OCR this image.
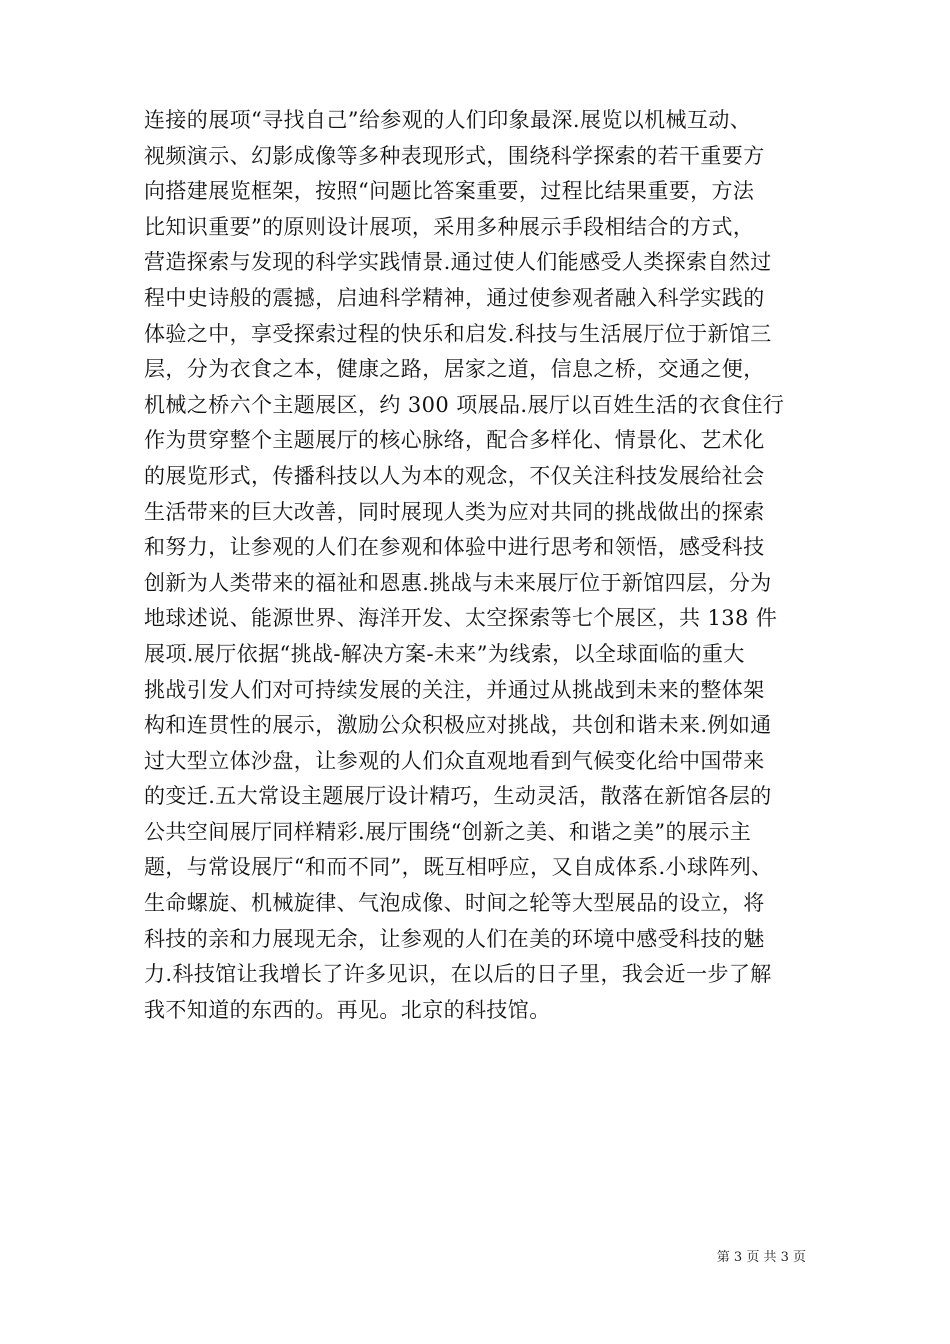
连接的展项“寻找自己”给参观的人们印象最深.展览以机械互动、
视频演示、幻影成像等多种表现形式，围绕科学探索的若干重要方
向搭建展览框架，按照“问题比答案重要，过程比结果重要，方法
比知识重要”的原则设计展项，采用多种展示手段相结合的方式，
营造探索与发现的科学实践情景.通过使人们能感受人类探索自然过
程中史诗般的震撼，启迪科学精神，通过使参观者融入科学实践的
体验之中，享受探索过程的快乐和启发.科技与生活展厅位于新馆三
层，分为衣食之本，健康之路，居家之道，信息之桥，交通之便，
机械之桥六个主题展区，约 300 项展品.展厅以百姓生活的衣食住行
作为贯穿整个主题展厅的核心脉络，配合多样化、情景化、艺术化
的展览形式，传播科技以人为本的观念，不仅关注科技发展给社会
生活带来的巨大改善，同时展现人类为应对共同的挑战做出的探索
和努力，让参观的人们在参观和体验中进行思考和领悟，感受科技
创新为人类带来的福祉和恩惠.挑战与未来展厅位于新馆四层，分为
地球述说、能源世界、海洋开发、太空探索等七个展区，共 138 件
展项.展厅依据“挑战-解决方案-未来”为线索，以全球面临的重大
挑战引发人们对可持续发展的关注，并通过从挑战到未来的整体架
构和连贯性的展示，激励公众积极应对挑战，共创和谐未来.例如通
过大型立体沙盘，让参观的人们众直观地看到气候变化给中国带来
的变迁.五大常设主题展厅设计精巧，生动灵活，散落在新馆各层的
公共空间展厅同样精彩.展厅围绕“创新之美、和谐之美”的展示主
题，与常设展厅“和而不同”，既互相呼应，又自成体系.小球阵列、
生命螺旋、机械旋律、气泡成像、时间之轮等大型展品的设立，将
科技的亲和力展现无余，让参观的人们在美的环境中感受科技的魅
力.科技馆让我增长了许多见识，在以后的日子里，我会近一步了解
我不知道的东西的。再见。北京的科技馆。
第 3 页 共 3 页
